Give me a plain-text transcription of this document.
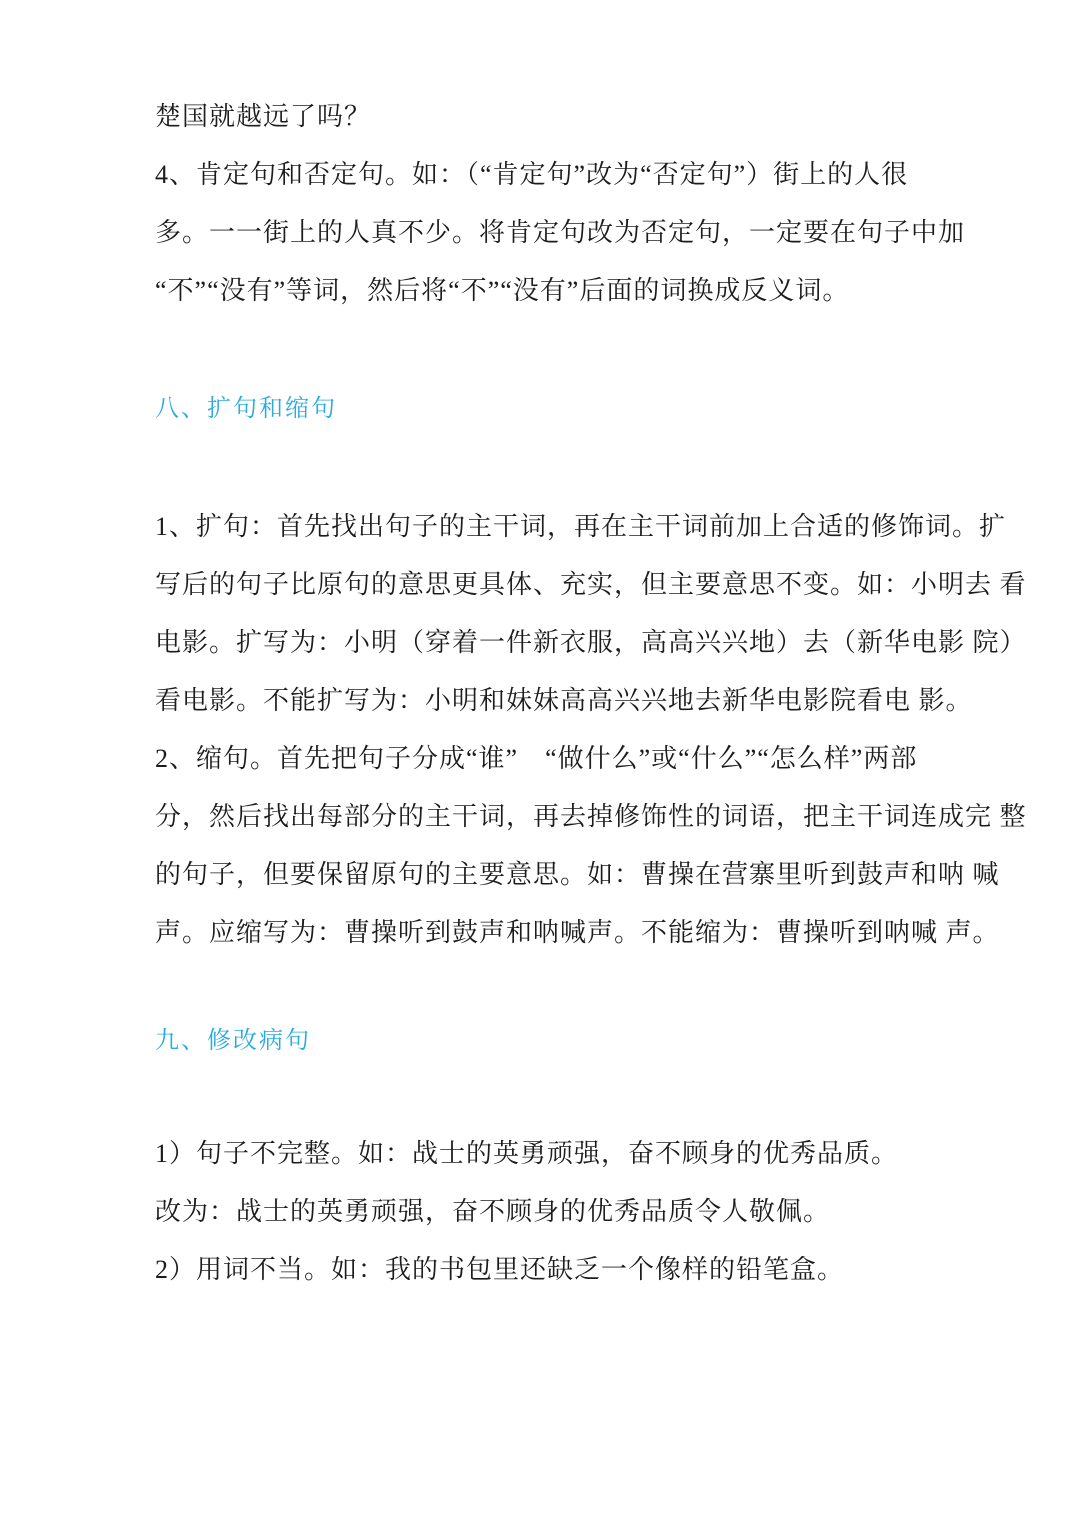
楚国就越远了吗？
4、肯定句和否定句。如：（“肯定句”改为“否定句”）街上的人很
多。一一街上的人真不少。将肯定句改为否定句，一定要在句子中加
“不”“没有”等词，然后将“不”“没有”后面的词换成反义词。
八、扩句和缩句
1、扩句：首先找出句子的主干词，再在主干词前加上合适的修饰词。扩
写后的句子比原句的意思更具体、充实，但主要意思不变。如：小明去 看
电影。扩写为：小明（穿着一件新衣服，高高兴兴地）去（新华电影 院）
看电影。不能扩写为：小明和妹妹高高兴兴地去新华电影院看电 影。
2、缩句。首先把句子分成“谁”　“做什么”或“什么”“怎么样”两部
分，然后找出每部分的主干词，再去掉修饰性的词语，把主干词连成完 整
的句子，但要保留原句的主要意思。如：曹操在营寨里听到鼓声和呐 喊
声。应缩写为：曹操听到鼓声和呐喊声。不能缩为：曹操听到呐喊 声。
九、修改病句
1）句子不完整。如：战士的英勇顽强，奋不顾身的优秀品质。
改为：战士的英勇顽强，奋不顾身的优秀品质令人敬佩。
2）用词不当。如：我的书包里还缺乏一个像样的铅笔盒。
